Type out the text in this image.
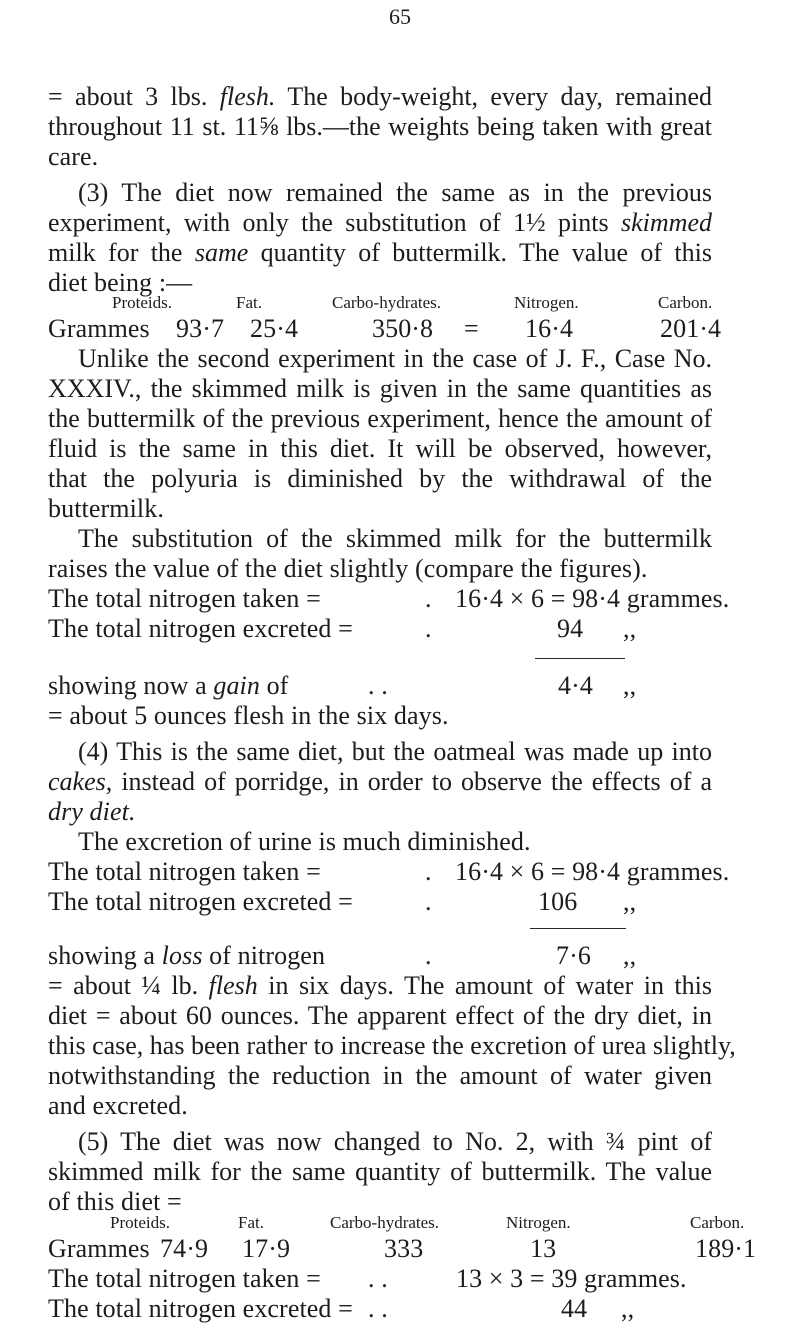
65
= about 3 lbs. flesh. The body-weight, every day, remained
throughout 11 st. 11⅝ lbs.—the weights being taken with great
care.
(3) The diet now remained the same as in the previous
experiment, with only the substitution of 1½ pints skimmed
milk for the same quantity of buttermilk. The value of this
diet being :—
Proteids.	Fat.	Carbo-hydrates.	Nitrogen.	Carbon.
Grammes 93·7 25·4	350·8 = 16·4	201·4
Unlike the second experiment in the case of J. F., Case No.
XXXIV., the skimmed milk is given in the same quantities as
the buttermilk of the previous experiment, hence the amount of
fluid is the same in this diet. It will be observed, however,
that the polyuria is diminished by the withdrawal of the
buttermilk.
The substitution of the skimmed milk for the buttermilk
raises the value of the diet slightly (compare the figures).
The total nitrogen taken =	. 16·4 × 6 = 98·4 grammes.
The total nitrogen excreted =	.	94 ,,
showing now a gain of	. .	4·4 ,,
= about 5 ounces flesh in the six days.
(4) This is the same diet, but the oatmeal was made up into
cakes, instead of porridge, in order to observe the effects of a
dry diet.
The excretion of urine is much diminished.
The total nitrogen taken =	. 16·4 × 6 = 98·4 grammes.
The total nitrogen excreted =	.	106 ,,
showing a loss of nitrogen	.	7·6 ,,
= about ¼ lb. flesh in six days. The amount of water in this
diet = about 60 ounces. The apparent effect of the dry diet, in
this case, has been rather to increase the excretion of urea slightly,
notwithstanding the reduction in the amount of water given
and excreted.
(5) The diet was now changed to No. 2, with ¾ pint of
skimmed milk for the same quantity of buttermilk. The value
of this diet =
Proteids.	Fat.	Carbo-hydrates.	Nitrogen.	Carbon.
Grammes 74·9 17·9	333	13	189·1
The total nitrogen taken = . .	13 × 3 = 39 grammes.
The total nitrogen excreted = . .	44 ,,
